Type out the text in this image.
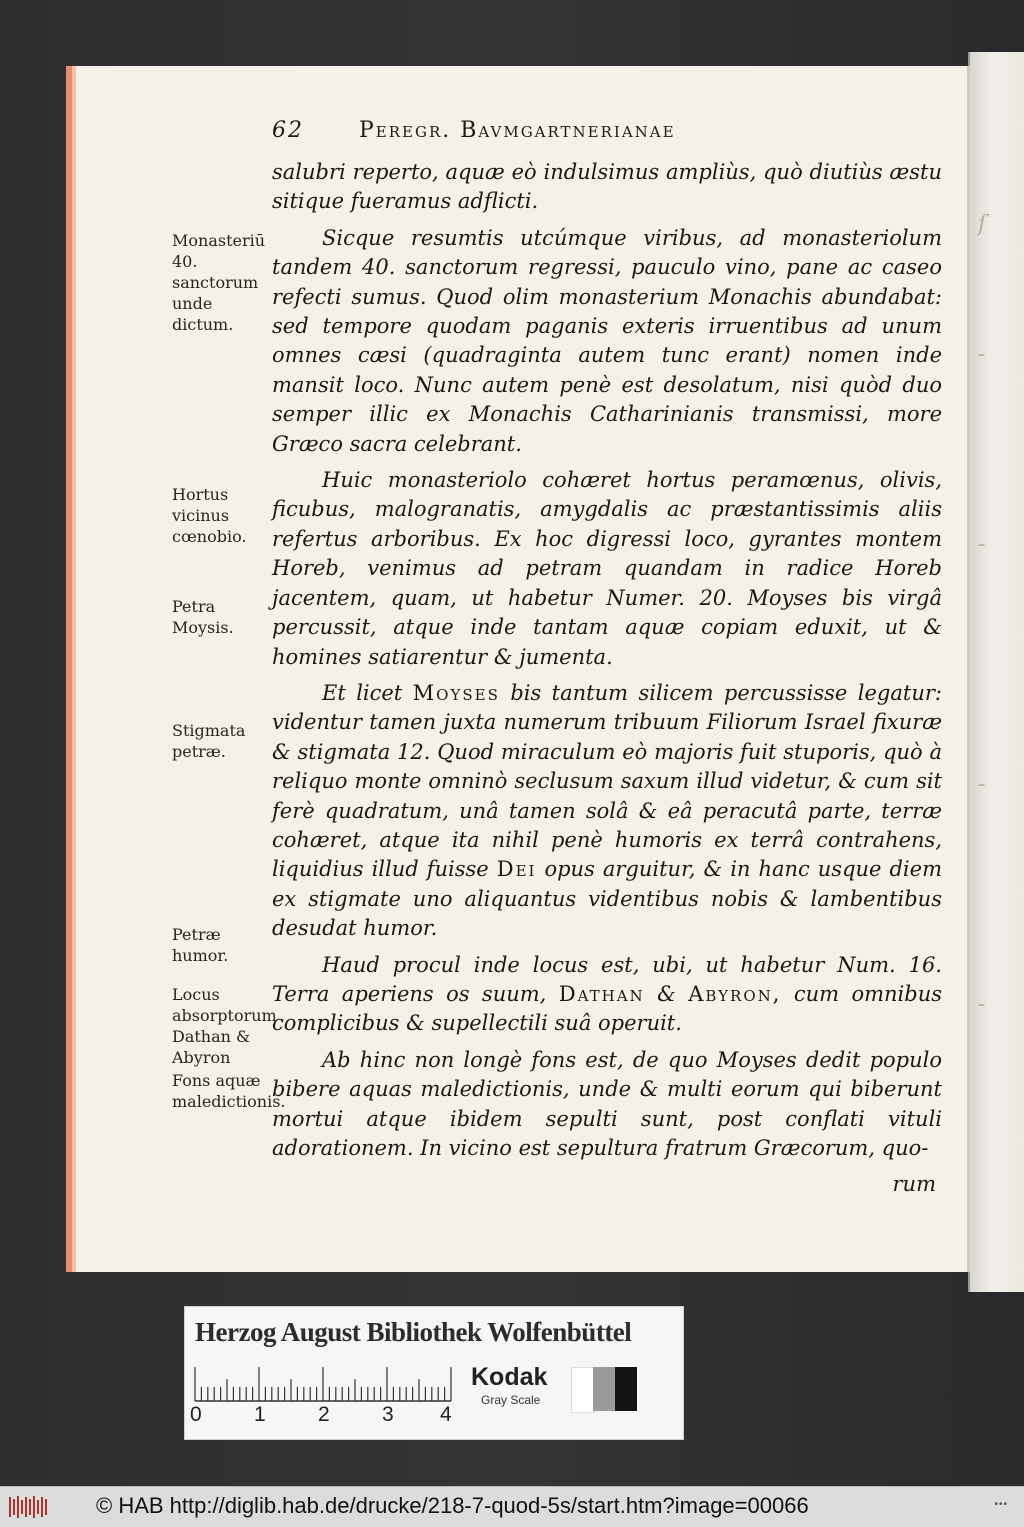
ſ
-
-
-
-
62	Peregr. Bavmgartnerianae
Monasteriū 40. sanctorum unde dictum.
Hortus vicinus cœnobio.
Petra Moysis.
Stigmata petræ.
Petræ humor.
Locus absorptorum Dathan & Abyron
Fons aquæ maledictionis.

salubri reperto, aquæ eò indulsimus ampliùs, quò diutiùs æstu sitique fueramus adflicti.

Sicque resumtis utcúmque viribus, ad monasteriolum tandem 40. sanctorum regressi, pauculo vino, pane ac caseo refecti sumus. Quod olim monasterium Monachis abundabat: sed tempore quodam paganis exteris irruentibus ad unum omnes cæsi (quadraginta autem tunc erant) nomen inde mansit loco. Nunc autem penè est desolatum, nisi quòd duo semper illic ex Monachis Catharinianis transmissi, more Græco sacra celebrant.

Huic monasteriolo cohæret hortus peramœnus, olivis, ficubus, malogranatis, amygdalis ac præstantissimis aliis refertus arboribus. Ex hoc digressi loco, gyrantes montem Horeb, venimus ad petram quandam in radice Horeb jacentem, quam, ut habetur Numer. 20. Moyses bis virgâ percussit, atque inde tantam aquæ copiam eduxit, ut & homines satiarentur & jumenta.

Et licet Moyses bis tantum silicem percussisse legatur: videntur tamen juxta numerum tribuum Filiorum Israel fixuræ & stigmata 12. Quod miraculum eò majoris fuit stuporis, quò à reliquo monte omninò seclusum saxum illud videtur, & cum sit ferè quadratum, unâ tamen solâ & eâ peracutâ parte, terræ cohæret, atque ita nihil penè humoris ex terrâ contrahens, liquidius illud fuisse Dei opus arguitur, & in hanc usque diem ex stigmate uno aliquantus videntibus nobis & lambentibus desudat humor.

Haud procul inde locus est, ubi, ut habetur Num. 16. Terra aperiens os suum, Dathan & Abyron, cum omnibus complicibus & supellectili suâ operuit.

Ab hinc non longè fons est, de quo Moyses dedit populo bibere aquas maledictionis, unde & multi eorum qui biberunt mortui atque ibidem sepulti sunt, post conflati vituli adorationem. In vicino est sepultura fratrum Græcorum, quo-

rum
Herzog August Bibliothek Wolfenbüttel
0 1 2 3 4
Kodak
Gray Scale
© HAB http://diglib.hab.de/drucke/218-7-quod-5s/start.htm?image=00066	•••
